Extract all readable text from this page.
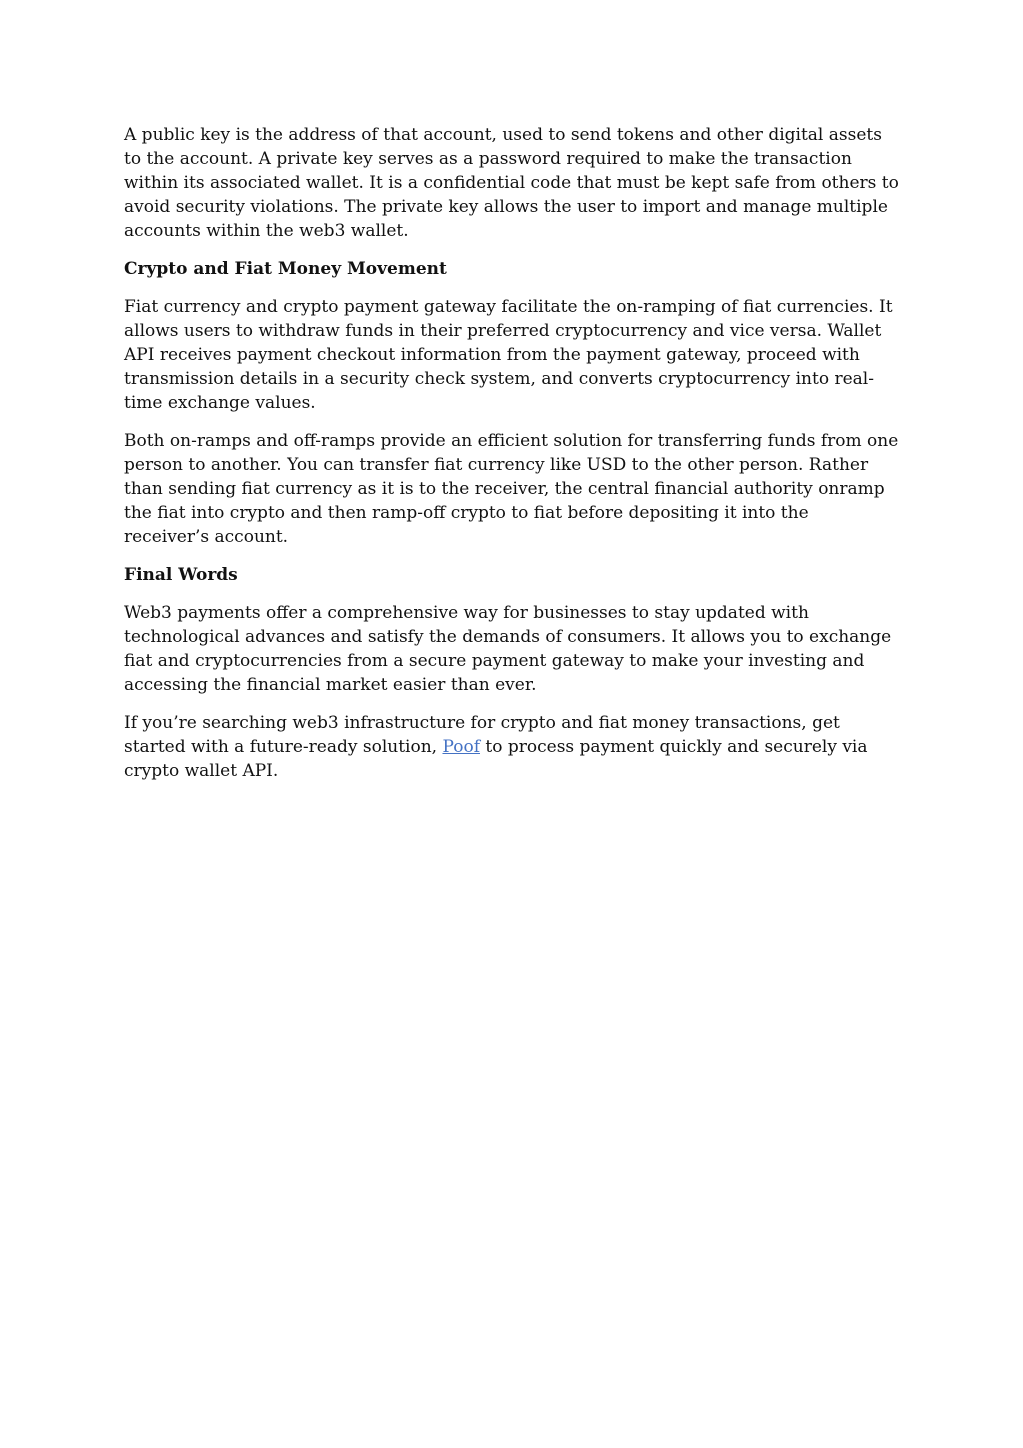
A public key is the address of that account, used to send tokens and other digital assets to the account. A private key serves as a password required to make the transaction within its associated wallet. It is a confidential code that must be kept safe from others to avoid security violations. The private key allows the user to import and manage multiple accounts within the web3 wallet.

Crypto and Fiat Money Movement

Fiat currency and crypto payment gateway facilitate the on-ramping of fiat currencies. It allows users to withdraw funds in their preferred cryptocurrency and vice versa. Wallet API receives payment checkout information from the payment gateway, proceed with transmission details in a security check system, and converts cryptocurrency into real-time exchange values.

Both on-ramps and off-ramps provide an efficient solution for transferring funds from one person to another. You can transfer fiat currency like USD to the other person. Rather than sending fiat currency as it is to the receiver, the central financial authority onramp the fiat into crypto and then ramp-off crypto to fiat before depositing it into the receiver’s account.

Final Words

Web3 payments offer a comprehensive way for businesses to stay updated with technological advances and satisfy the demands of consumers. It allows you to exchange fiat and cryptocurrencies from a secure payment gateway to make your investing and accessing the financial market easier than ever.

If you’re searching web3 infrastructure for crypto and fiat money transactions, get started with a future-ready solution, Poof to process payment quickly and securely via crypto wallet API.
